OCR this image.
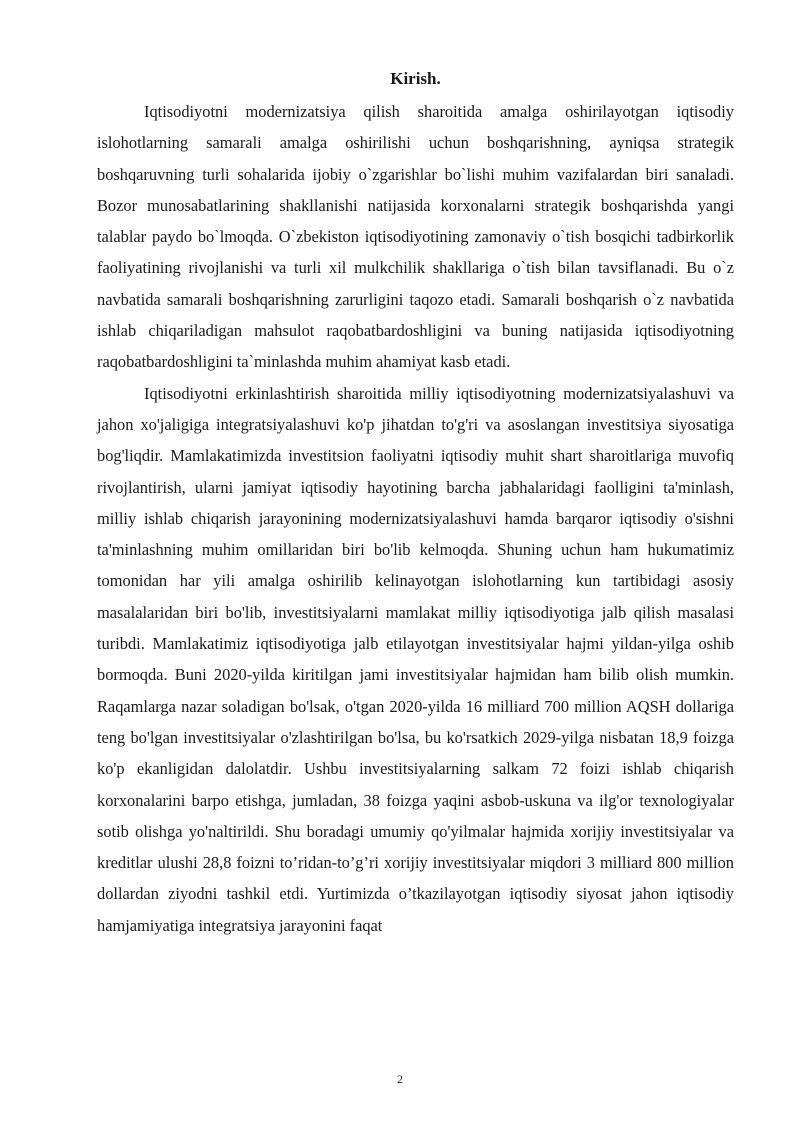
Kirish.

Iqtisodiyotni modernizatsiya qilish sharoitida amalga oshirilayotgan iqtisodiy islohotlarning samarali amalga oshirilishi uchun boshqarishning, ayniqsa strategik boshqaruvning turli sohalarida ijobiy o`zgarishlar bo`lishi muhim vazifalardan biri sanaladi. Bozor munosabatlarining shakllanishi natijasida korxonalarni strategik boshqarishda yangi talablar paydo bo`lmoqda. O`zbekiston iqtisodiyotining zamonaviy o`tish bosqichi tadbirkorlik faoliyatining rivojlanishi va turli xil mulkchilik shakllariga o`tish bilan tavsiflanadi. Bu o`z navbatida samarali boshqarishning zarurligini taqozo etadi. Samarali boshqarish o`z navbatida ishlab chiqariladigan mahsulot raqobatbardoshligini va buning natijasida iqtisodiyotning raqobatbardoshligini ta`minlashda muhim ahamiyat kasb etadi.

Iqtisodiyotni erkinlashtirish sharoitida milliy iqtisodiyotning modernizatsiyalashuvi va jahon xo'jaligiga integratsiyalashuvi ko'p jihatdan to'g'ri va asoslangan investitsiya siyosatiga bog'liqdir. Mamlakatimizda investitsion faoliyatni iqtisodiy muhit shart sharoitlariga muvofiq rivojlantirish, ularni jamiyat iqtisodiy hayotining barcha jabhalaridagi faolligini ta'minlash, milliy ishlab chiqarish jarayonining modernizatsiyalashuvi hamda barqaror iqtisodiy o'sishni ta'minlashning muhim omillaridan biri bo'lib kelmoqda. Shuning uchun ham hukumatimiz tomonidan har yili amalga oshirilib kelinayotgan islohotlarning kun tartibidagi asosiy masalalaridan biri bo'lib, investitsiyalarni mamlakat milliy iqtisodiyotiga jalb qilish masalasi turibdi. Mamlakatimiz iqtisodiyotiga jalb etilayotgan investitsiyalar hajmi yildan-yilga oshib bormoqda. Buni 2020-yilda kiritilgan jami investitsiyalar hajmidan ham bilib olish mumkin. Raqamlarga nazar soladigan bo'lsak, o'tgan 2020-yilda 16 milliard 700 million AQSH dollariga teng bo'lgan investitsiyalar o'zlashtirilgan bo'lsa, bu ko'rsatkich 2029-yilga nisbatan 18,9 foizga ko'p ekanligidan dalolatdir. Ushbu investitsiyalarning salkam 72 foizi ishlab chiqarish korxonalarini barpo etishga, jumladan, 38 foizga yaqini asbob-uskuna va ilg'or texnologiyalar sotib olishga yo'naltirildi. Shu boradagi umumiy qo'yilmalar hajmida xorijiy investitsiyalar va kreditlar ulushi 28,8 foizni to’ridan-to’g’ri xorijiy investitsiyalar miqdori 3 milliard 800 million dollardan ziyodni tashkil etdi. Yurtimizda o’tkazilayotgan iqtisodiy siyosat jahon iqtisodiy hamjamiyatiga integratsiya jarayonini faqat

2
